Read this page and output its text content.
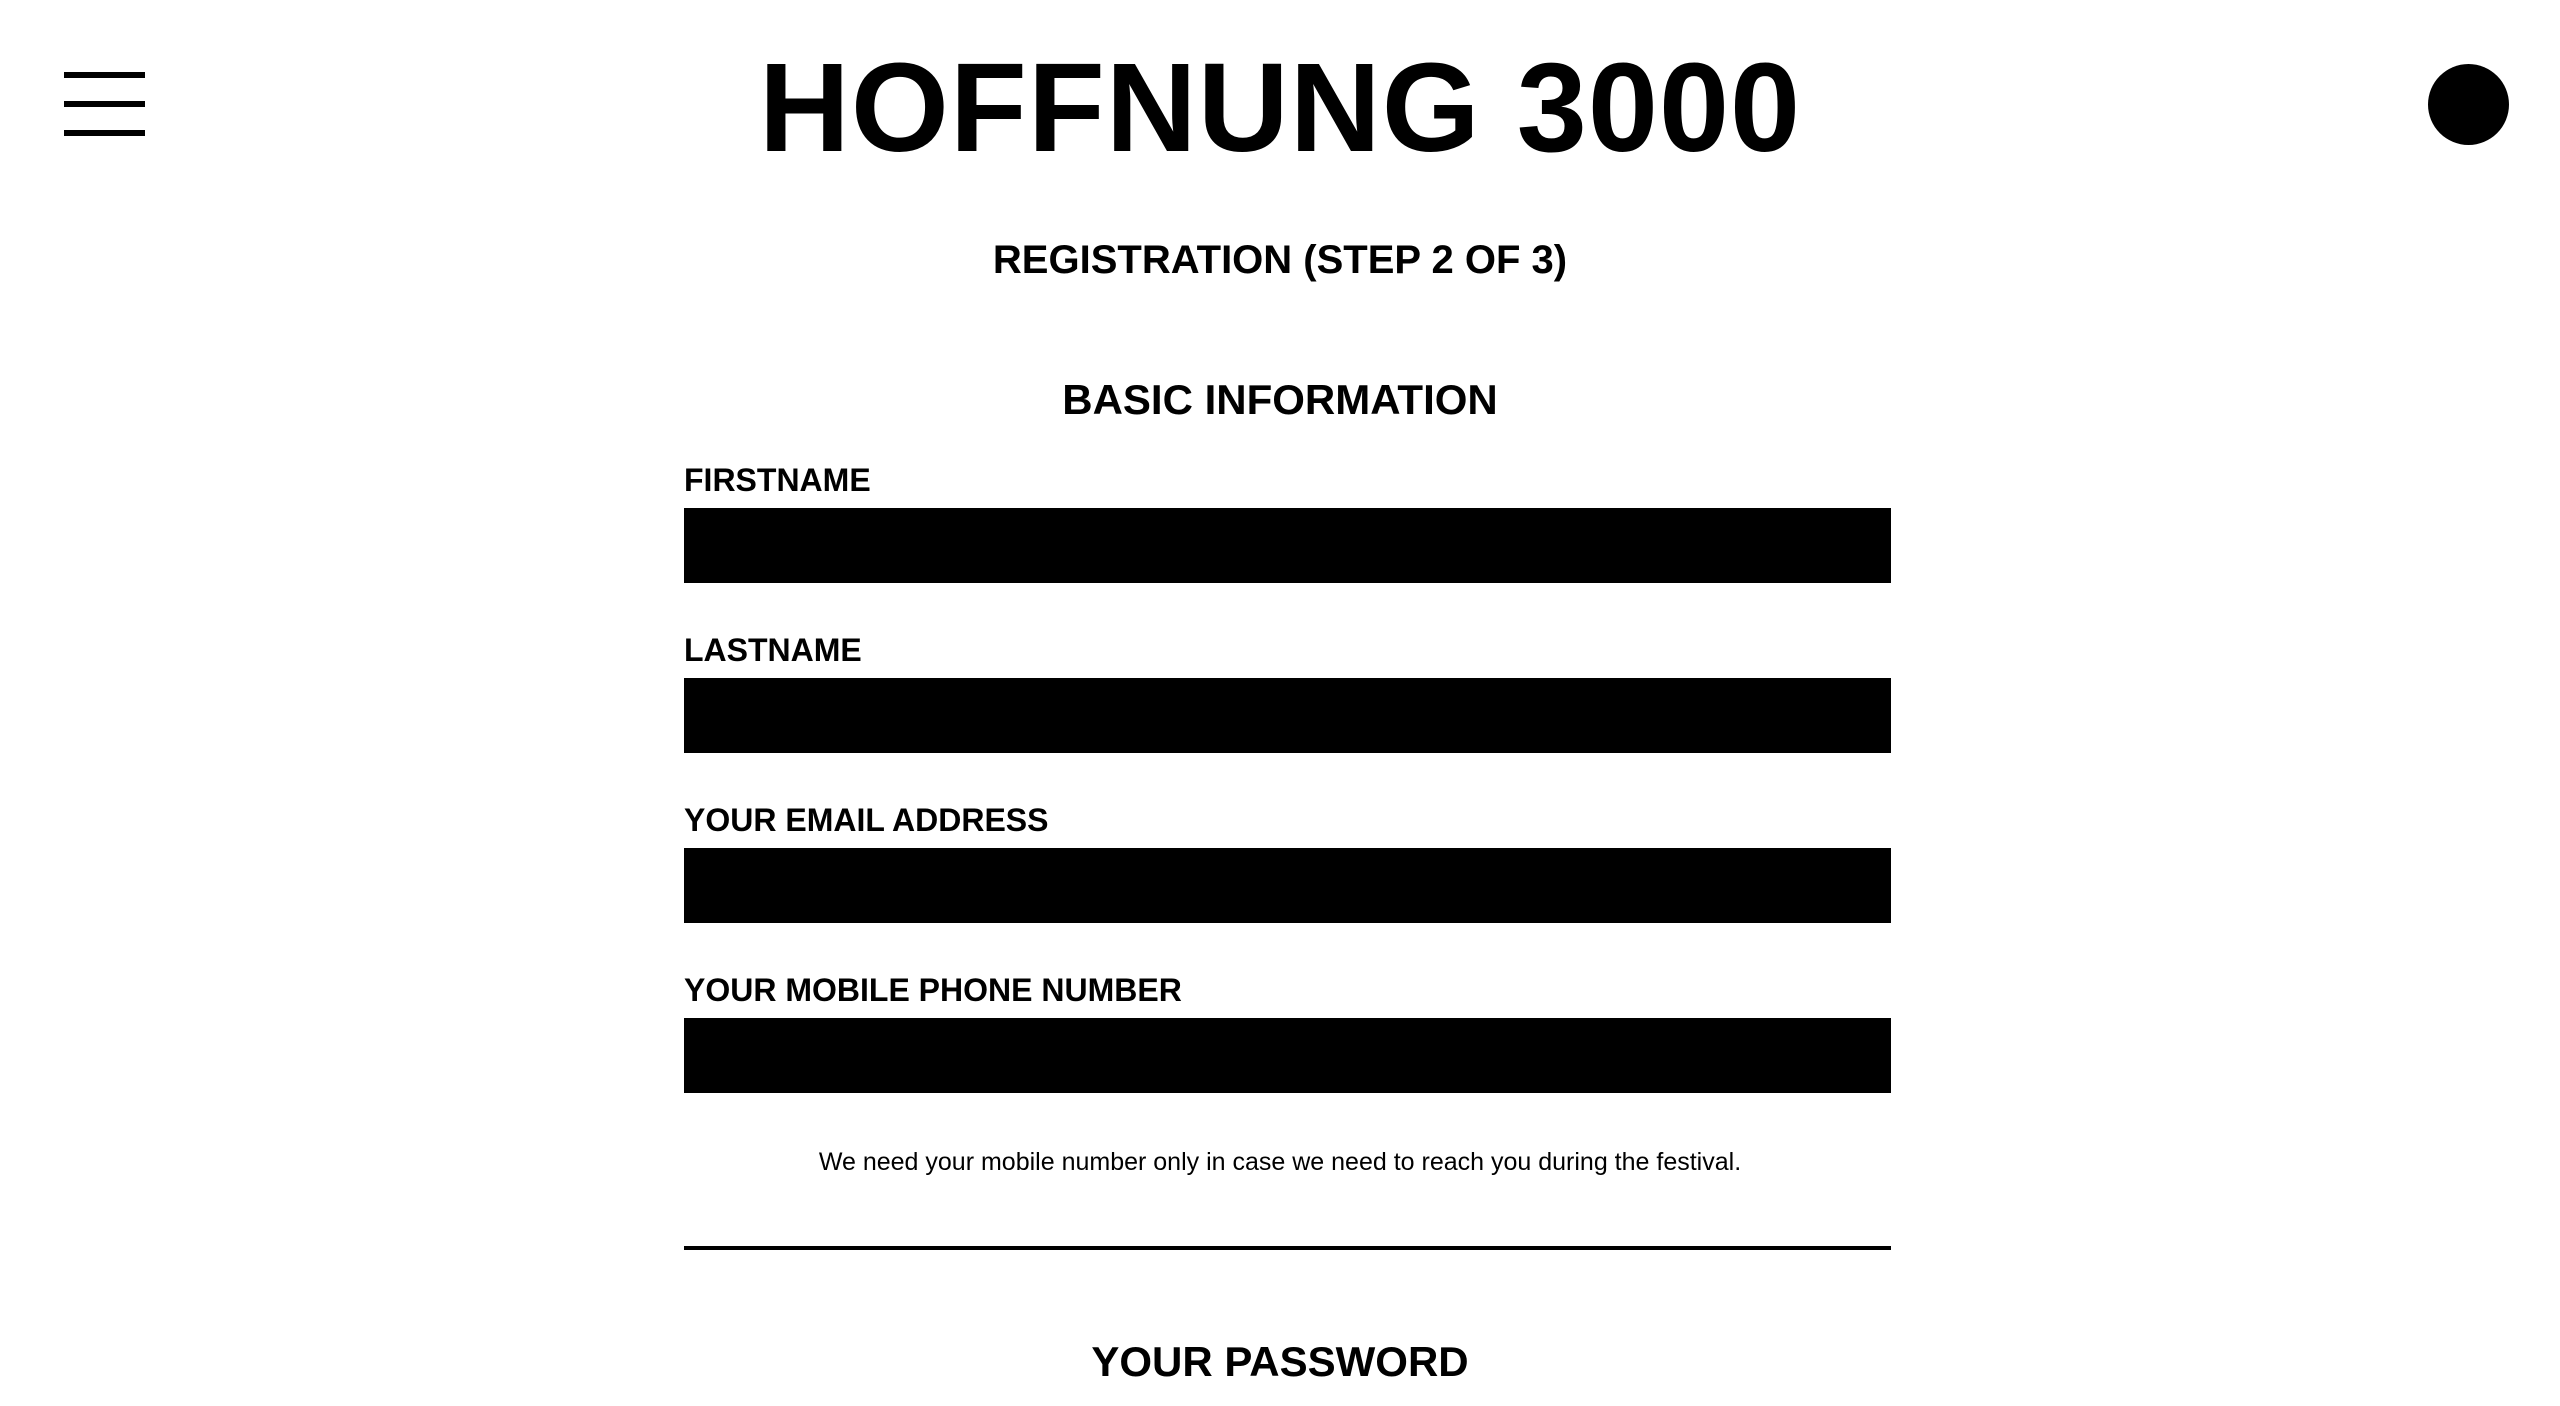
HOFFNUNG 3000
REGISTRATION (STEP 2 OF 3)
BASIC INFORMATION
FIRSTNAME
LASTNAME
YOUR EMAIL ADDRESS
YOUR MOBILE PHONE NUMBER

We need your mobile number only in case we need to reach you during the festival.

YOUR PASSWORD
